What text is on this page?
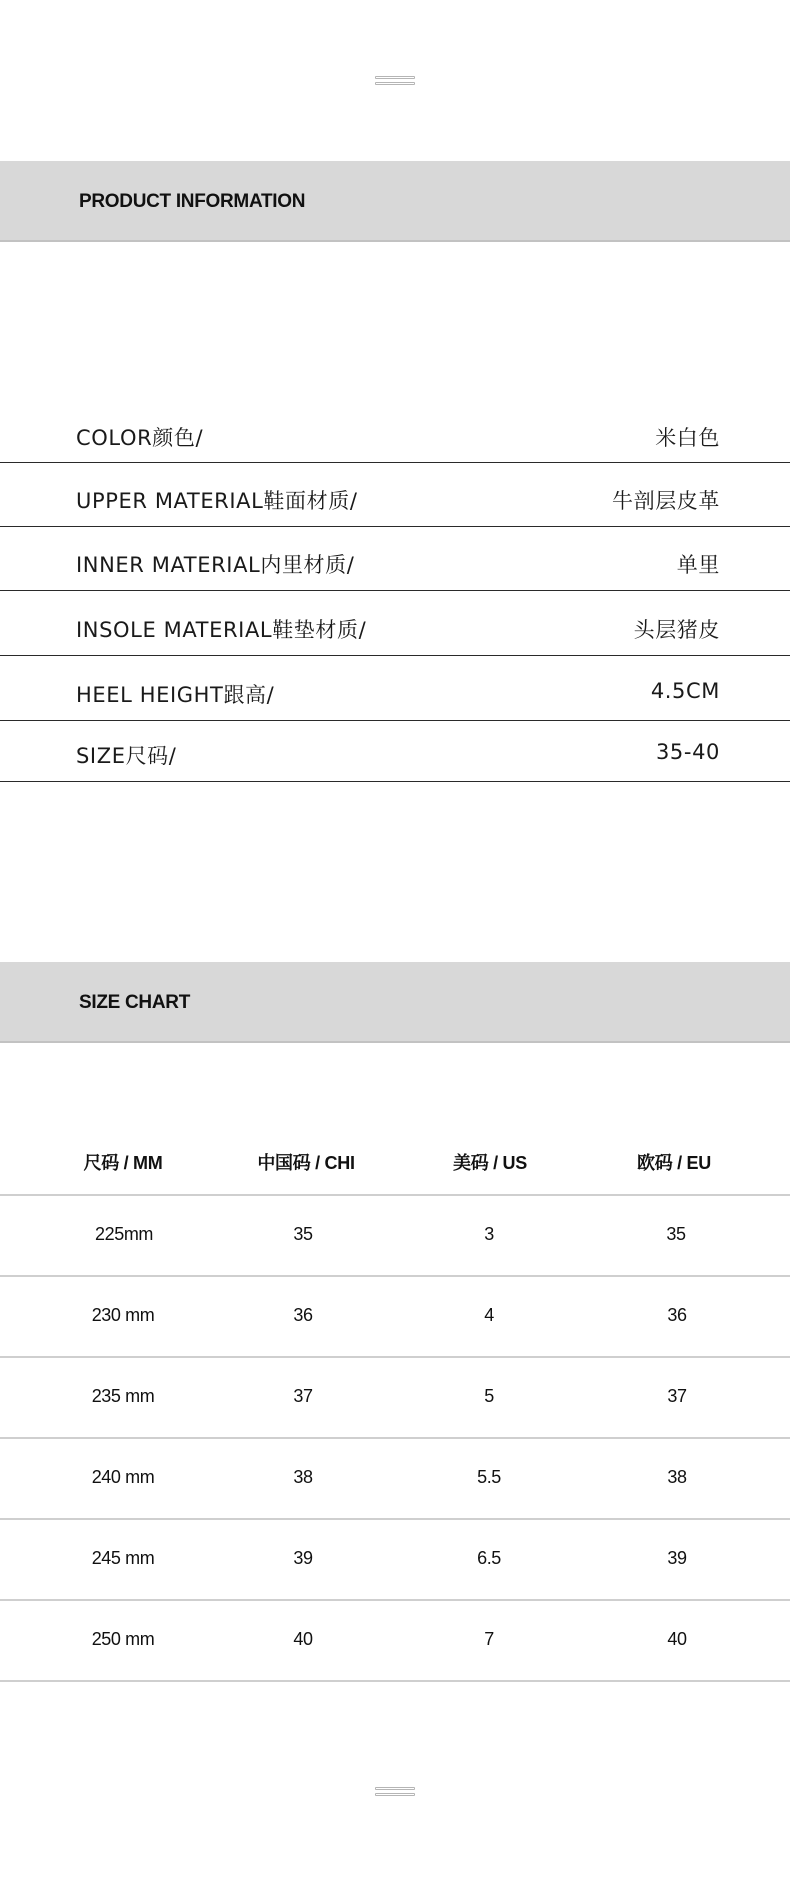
PRODUCT INFORMATION
COLOR颜色/	米白色
UPPER MATERIAL鞋面材质/	牛剖层皮革
INNER MATERIAL内里材质/	单里
INSOLE MATERIAL鞋垫材质/	头层猪皮
HEEL HEIGHT跟高/	4.5CM
SIZE尺码/	35-40
SIZE CHART
尺码 / MM	中国码 / CHI	美码 / US	欧码 / EU
225mm	35	3	35
230 mm	36	4	36
235 mm	37	5	37
240 mm	38	5.5	38
245 mm	39	6.5	39
250 mm	40	7	40
